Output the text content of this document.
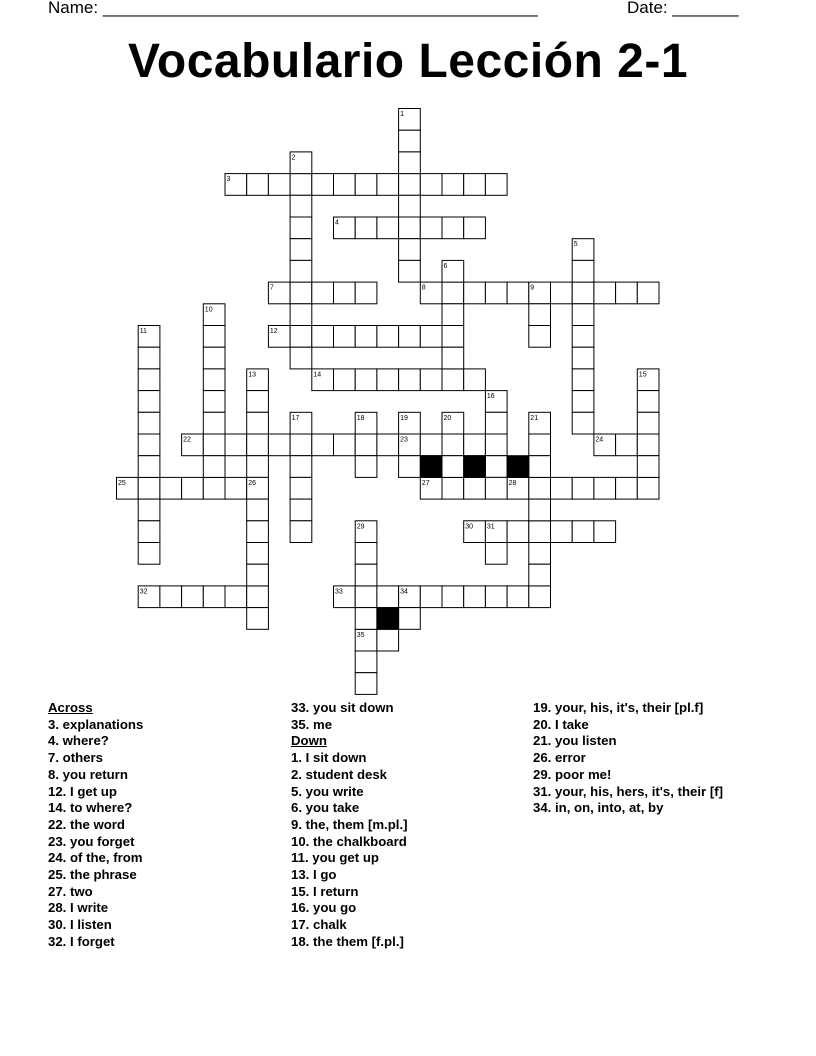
Name: ______________________________________________	Date: _______
Vocabulario Lección 2-1
1
2
3
4
5
6
7	8	9
10
11	12
13	14	15
16
17	18	19	20	21
22	23	24
25	26	27	28
29	30 31
32	33	34
35
Across
3. explanations
4. where?
7. others
8. you return
12. I get up
14. to where?
22. the word
23. you forget
24. of the, from
25. the phrase
27. two
28. I write
30. I listen
32. I forget
33. you sit down
35. me
Down
1. I sit down
2. student desk
5. you write
6. you take
9. the, them [m.pl.]
10. the chalkboard
11. you get up
13. I go
15. I return
16. you go
17. chalk
18. the them [f.pl.]
19. your, his, it's, their [pl.f]
20. I take
21. you listen
26. error
29. poor me!
31. your, his, hers, it's, their [f]
34. in, on, into, at, by
